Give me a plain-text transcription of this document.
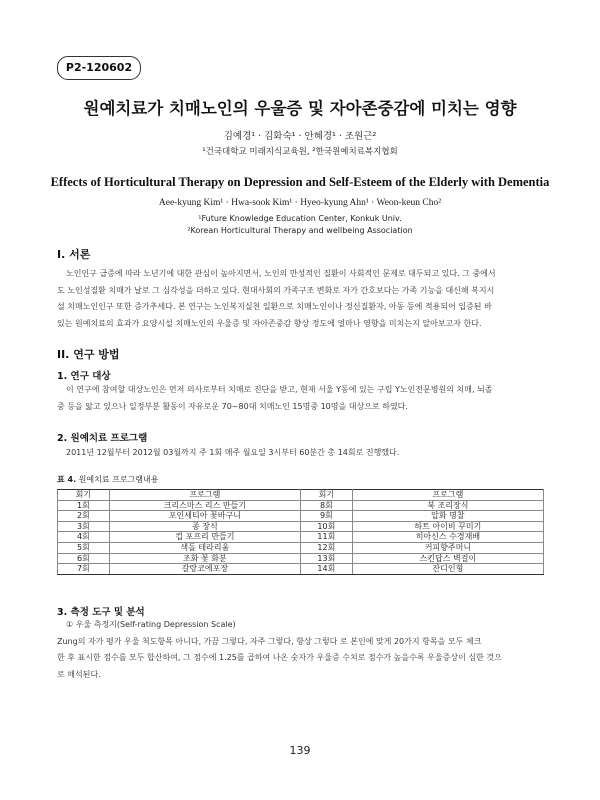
P2-120602
원예치료가 치매노인의 우울증 및 자아존중감에 미치는 영향
김예경¹ · 김화숙¹ · 안혜경¹ · 조원근²
¹건국대학교 미래지식교육원, ²한국원예치료복지협회
Effects of Horticultural Therapy on Depression and Self-Esteem of the Elderly with Dementia
Aee-kyung Kim¹ · Hwa-sook Kim¹ · Hyeo-kyung Ahn¹ · Weon-keun Cho²
¹Future Knowledge Education Center, Konkuk Univ.
²Korean Horticultural Therapy and wellbeing Association
I. 서론
노인인구 급증에 따라 노년기에 대한 관심이 높아지면서, 노인의 만성적인 질환이 사회적인 문제로 대두되고 있다. 그 중에서
도 노인성질환 치매가 날로 그 심각성을 더하고 있다. 현대사회의 가족구조 변화로 자가 간호보다는 가족 기능을 대신해 복지시
설 치매노인인구 또한 증가추세다. 본 연구는 노인복지실천 일환으로 치매노인이나 정신질환자, 아동 등에 적용되어 입증된 바
있는 원예치료의 효과가 요양시설 치매노인의 우울증 및 자아존중감 향상 정도에 얼마나 영향을 미치는지 알아보고자 한다.
II. 연구 방법
1. 연구 대상
이 연구에 참여할 대상노인은 먼저 의사로부터 치매로 진단을 받고, 현재 서울 Y동에 있는 구립 Y노인전문병원의 치매, 뇌졸
중 등을 앓고 있으나 일정부분 활동이 자유로운 70~80대 치매노인 15명중 10명을 대상으로 하였다.
2. 원예치료 프로그램
2011년 12월부터 2012월 03월까지 주 1회 매주 월요일 3시부터 60분간 총 14회로 진행했다.
표 4. 원예치료 프로그램내용
회기	프로그램	회기	프로그램
1회	크리스마스 리스 만들기	8회	북 조리장식
2회	포인세티아 꽃바구니	9회	압화 명찰
3회	종 장식	10회	하트 아이비 꾸미기
4회	컵 포프리 만들기	11회	히아신스 수경재배
5회	색돌 테라리움	12회	커피향주머니
6회	조화 꽃 화분	13회	스킨답스 벽걸이
7회	갈랑코에포장	14회	잔디인형
3. 측정 도구 및 분석
① 우울 측정지(Self-rating Depression Scale)
Zung의 자가 평가 우울 척도항목 아니다, 가끔 그렇다, 자주 그렇다, 항상 그렇다 로 본인에 맞게 20가지 항목을 모두 체크
한 후 표시한 점수를 모두 합산하여, 그 점수에 1.25를 곱하여 나온 숫자가 우울증 수치로 점수가 높을수록 우울증상이 심한 것으
로 해석된다.
139
